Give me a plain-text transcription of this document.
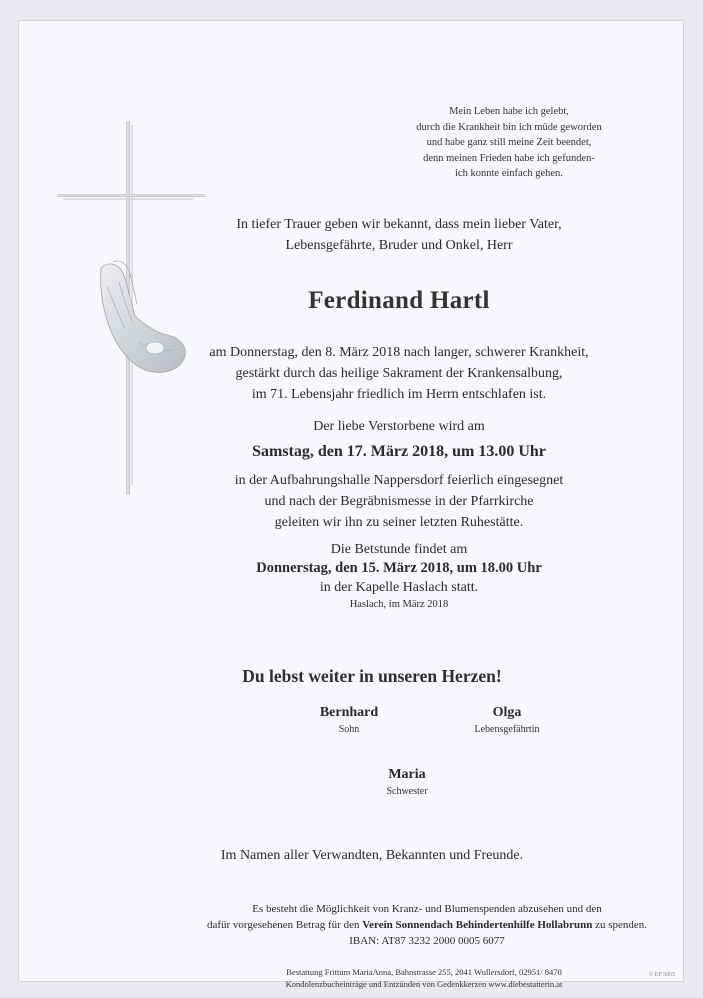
Mein Leben habe ich gelebt,
durch die Krankheit bin ich müde geworden
und habe ganz still meine Zeit beendet,
denn meinen Frieden habe ich gefunden-
ich konnte einfach gehen.
In tiefer Trauer geben wir bekannt, dass mein lieber Vater,
Lebensgefährte, Bruder und Onkel, Herr
Ferdinand Hartl
am Donnerstag, den 8. März 2018 nach langer, schwerer Krankheit,
gestärkt durch das heilige Sakrament der Krankensalbung,
im 71. Lebensjahr friedlich im Herrn entschlafen ist.
Der liebe Verstorbene wird am
Samstag, den 17. März 2018, um 13.00 Uhr
in der Aufbahrungshalle Nappersdorf feierlich eingesegnet
und nach der Begräbnismesse in der Pfarrkirche
geleiten wir ihn zu seiner letzten Ruhestätte.
Die Betstunde findet am
Donnerstag, den 15. März 2018, um 18.00 Uhr
in der Kapelle Haslach statt.
Haslach, im März 2018
Du lebst weiter in unseren Herzen!
Bernhard
Sohn
Olga
Lebensgefährtin
Maria
Schwester
Im Namen aller Verwandten, Bekannten und Freunde.
Es besteht die Möglichkeit von Kranz- und Blumenspenden abzusehen und den
dafür vorgesehenen Betrag für den Verein Sonnendach Behindertenhilfe Hollabrunn zu spenden.
IBAN: AT87 3232 2000 0005 6077
Bestattung Frittum MariaAnna, Bahnstrasse 255, 2041 Wullersdorf, 02951/ 8470
Kondolenzbucheinträge und Entzünden von Gedenkkerzen www.diebestatterin.at
© EP 5065
